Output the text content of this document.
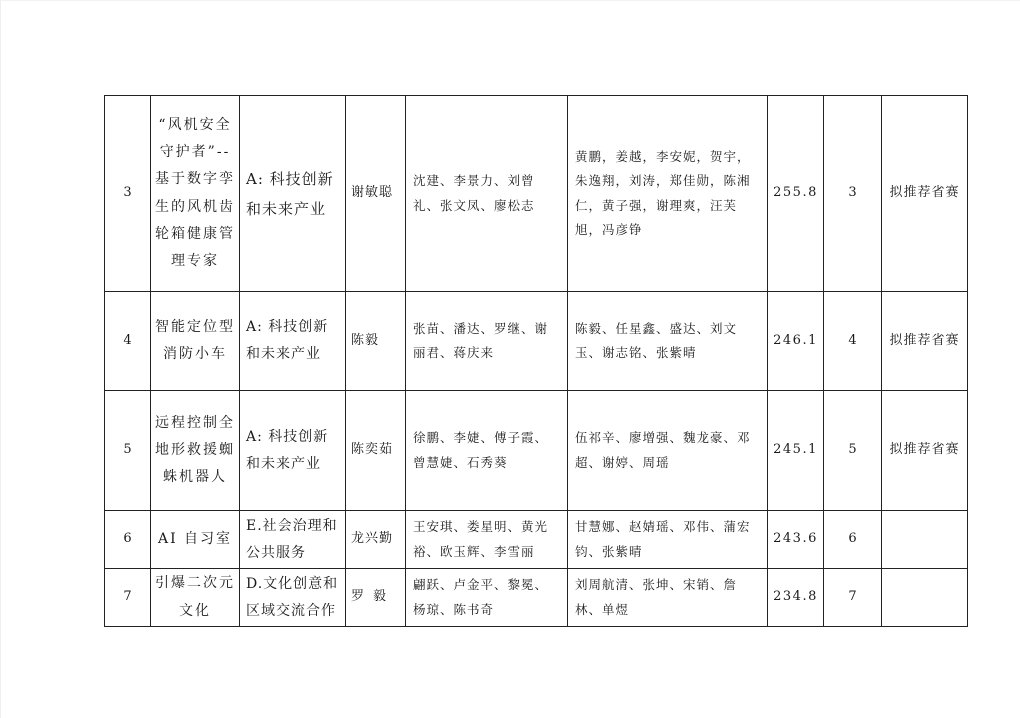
3	“风机安全守护者”--基于数字孪生的风机齿轮箱健康管理专家	A: 科技创新和未来产业	谢敏聪	沈建、李景力、刘曾礼、张文凤、廖松志	黄鹏，姜越，李安妮，贺宇，朱逸翔，刘涛，郑佳勋，陈湘仁，黄子强，谢理爽，汪芙旭，冯彦铮	255.8	3	拟推荐省赛
4	智能定位型消防小车	A: 科技创新和未来产业	陈毅	张苗、潘达、罗继、谢丽君、蒋庆来	陈毅、任星鑫、盛达、刘文玉、谢志铭、张紫晴	246.1	4	拟推荐省赛
5	远程控制全地形救援蜘蛛机器人	A: 科技创新和未来产业	陈奕茹	徐鹏、李婕、傅子霞、曾慧婕、石秀葵	伍祁辛、廖增强、魏龙豪、邓超、谢婷、周瑶	245.1	5	拟推荐省赛
6	AI 自习室	E.社会治理和公共服务	龙兴勤	王安琪、娄星明、黄光裕、欧玉辉、李雪丽	甘慧娜、赵婧瑶、邓伟、蒲宏钧、张紫晴	243.6	6	
7	引爆二次元文化	D.文化创意和区域交流合作	罗毅	翩跃、卢金平、黎冕、杨琼、陈书奇	刘周航清、张坤、宋销、詹林、单煜	234.8	7	
